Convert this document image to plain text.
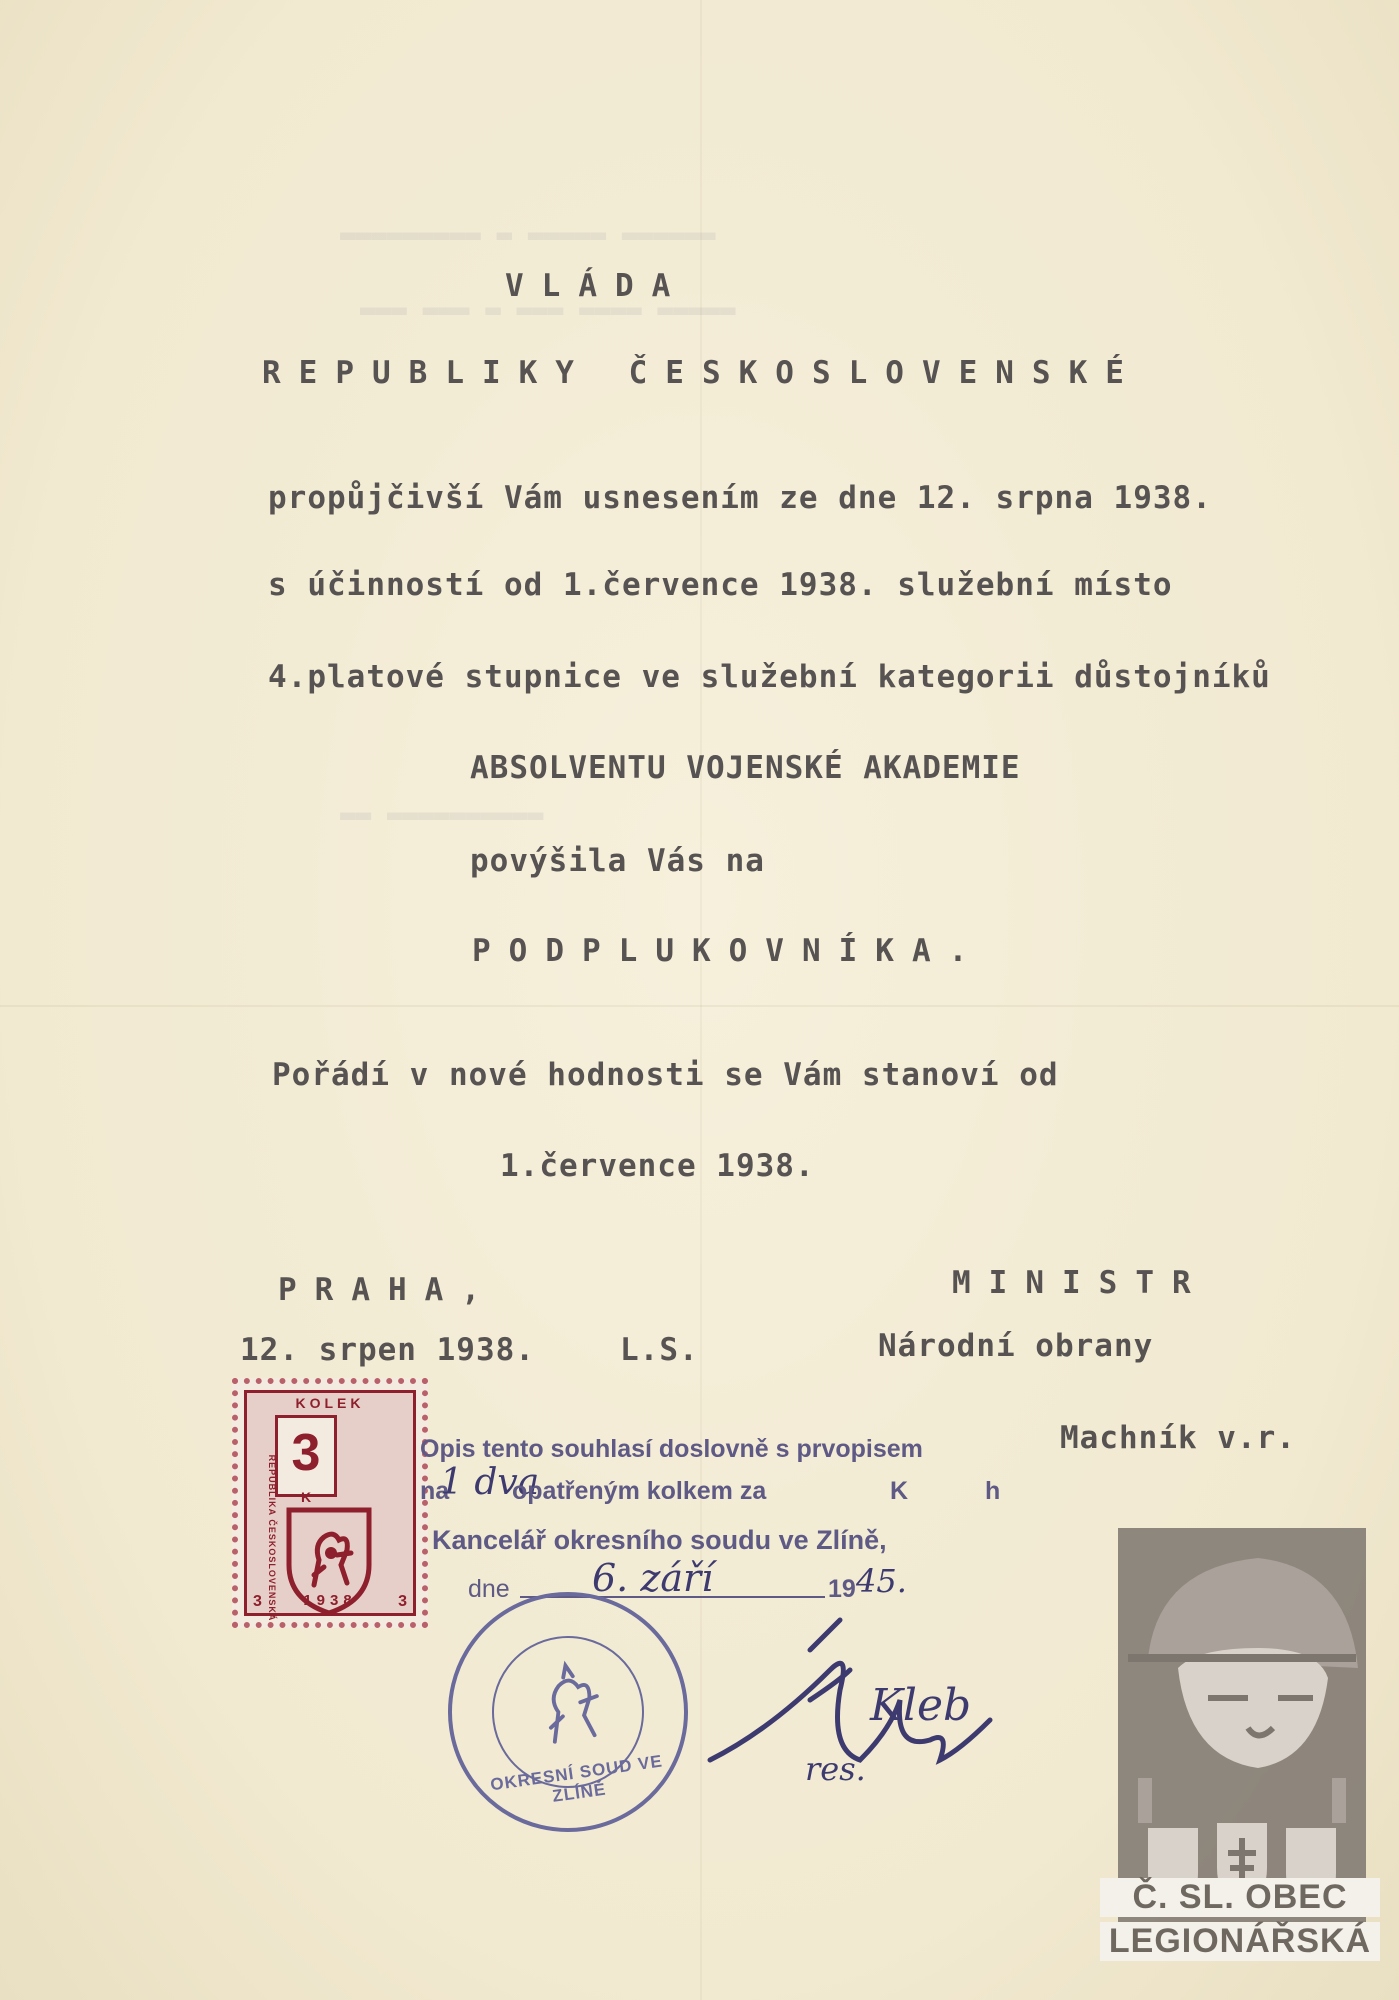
▬▬▬▬▬▬▬▬▬ ▬ ▬▬▬▬▬ ▬▬▬▬▬▬
▬▬▬ ▬▬▬ ▬ ▬▬▬ ▬▬▬▬ ▬▬▬▬▬
▬▬ ▬▬▬▬▬▬▬▬▬▬
VLÁDA
REPUBLIKY ČESKOSLOVENSKÉ
propůjčivší Vám usnesením ze dne 12. srpna 1938.
s účinností od 1.července 1938. služební místo
4.platové stupnice ve služební kategorii důstojníků
ABSOLVENTU VOJENSKÉ AKADEMIE
povýšila Vás na
PODPLUKOVNÍKA.
Pořádí v nové hodnosti se Vám stanoví od
1.července 1938.
PRAHA,	MINISTR
12. srpen 1938.	L.S.	Národní obrany
Machník v.r.
KOLEK
3
K
REPUBLIKA ČESKOSLOVENSKÁ	1938
3	3
Opis tento souhlasí doslovně s prvopisem
na
1 dva
opatřeným kolkem za	K	h
Kancelář okresního soudu ve Zlíně,
dne 6. září	19 45.
OKRESNÍ SOUD VE ZLÍNĚ
Kleb
res.
Č. SL. OBEC
LEGIONÁŘSKÁ
